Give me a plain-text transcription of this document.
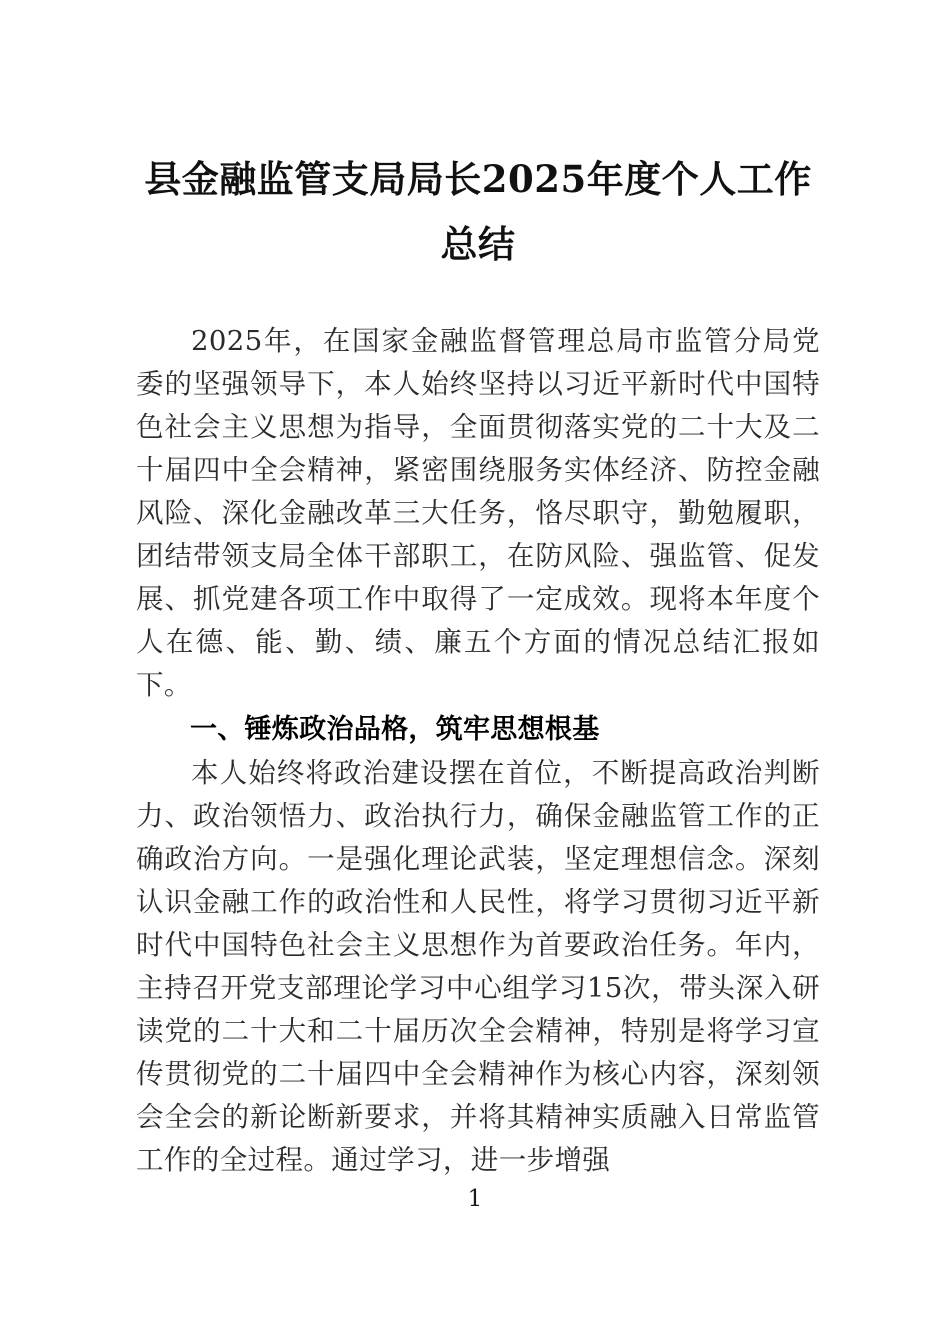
县金融监管支局局长2025年度个人工作总结

2025年，在国家金融监督管理总局市监管分局党委的坚强领导下，本人始终坚持以习近平新时代中国特色社会主义思想为指导，全面贯彻落实党的二十大及二十届四中全会精神，紧密围绕服务实体经济、防控金融风险、深化金融改革三大任务，恪尽职守，勤勉履职，团结带领支局全体干部职工，在防风险、强监管、促发展、抓党建各项工作中取得了一定成效。现将本年度个人在德、能、勤、绩、廉五个方面的情况总结汇报如下。

一、锤炼政治品格，筑牢思想根基

本人始终将政治建设摆在首位，不断提高政治判断力、政治领悟力、政治执行力，确保金融监管工作的正确政治方向。一是强化理论武装，坚定理想信念。深刻认识金融工作的政治性和人民性，将学习贯彻习近平新时代中国特色社会主义思想作为首要政治任务。年内，主持召开党支部理论学习中心组学习15次，带头深入研读党的二十大和二十届历次全会精神，特别是将学习宣传贯彻党的二十届四中全会精神作为核心内容，深刻领会全会的新论断新要求，并将其精神实质融入日常监管工作的全过程。通过学习，进一步增强

1
